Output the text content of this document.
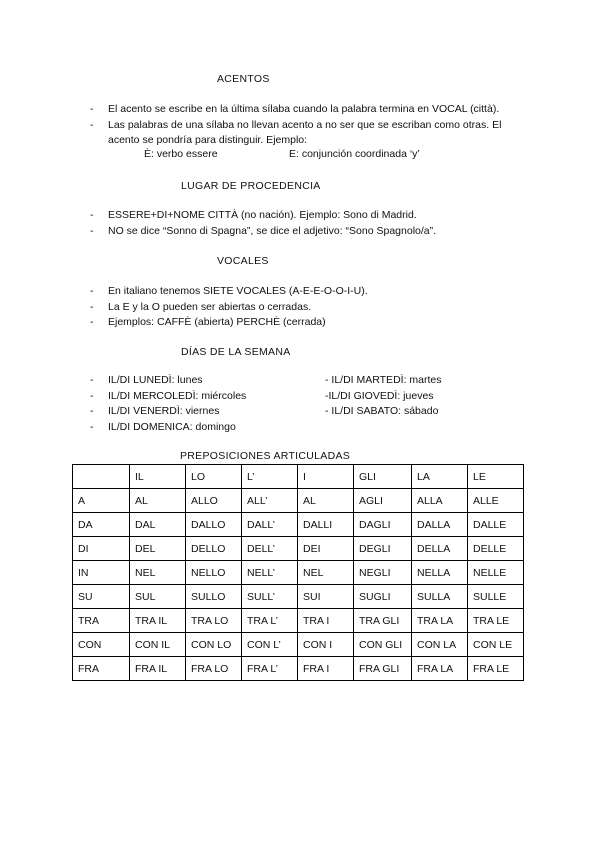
ACENTOS
- El acento se escribe en la última sílaba cuando la palabra termina en VOCAL (città).
- Las palabras de una sílaba no llevan acento a no ser que se escriban como otras. El acento se pondría para distinguir. Ejemplo:
È: verbo essere	E: conjunción coordinada ‘y’
LUGAR DE PROCEDENCIA
- ESSERE+DI+NOME CITTÀ (no nación). Ejemplo: Sono di Madrid.
- NO se dice “Sonno di Spagna”, se dice el adjetivo: “Sono Spagnolo/a”.
VOCALES
- En italiano tenemos SIETE VOCALES (A-E-E-O-O-I-U).
- La E y la O pueden ser abiertas o cerradas.
- Ejemplos: CAFFÈ (abierta) PERCHÈ (cerrada)
DÍAS DE LA SEMANA
- IL/DI LUNEDÌ: lunes	- IL/DI MARTEDÌ: martes
- IL/DI MERCOLEDÌ: miércoles	-IL/DI GIOVEDÌ: jueves
- IL/DI VENERDÌ: viernes	- IL/DI SABATO: sábado
- IL/DI DOMENICA: domingo
PREPOSICIONES ARTICULADAS
	IL	LO	L’	I	GLI	LA	LE
A	AL	ALLO	ALL’	AL	AGLI	ALLA	ALLE
DA	DAL	DALLO	DALL’	DALLI	DAGLI	DALLA	DALLE
DI	DEL	DELLO	DELL’	DEI	DEGLI	DELLA	DELLE
IN	NEL	NELLO	NELL’	NEL	NEGLI	NELLA	NELLE
SU	SUL	SULLO	SULL’	SUI	SUGLI	SULLA	SULLE
TRA	TRA IL	TRA LO	TRA L’	TRA I	TRA GLI	TRA LA	TRA LE
CON	CON IL	CON LO	CON L’	CON I	CON GLI	CON LA	CON LE
FRA	FRA IL	FRA LO	FRA L’	FRA I	FRA GLI	FRA LA	FRA LE
